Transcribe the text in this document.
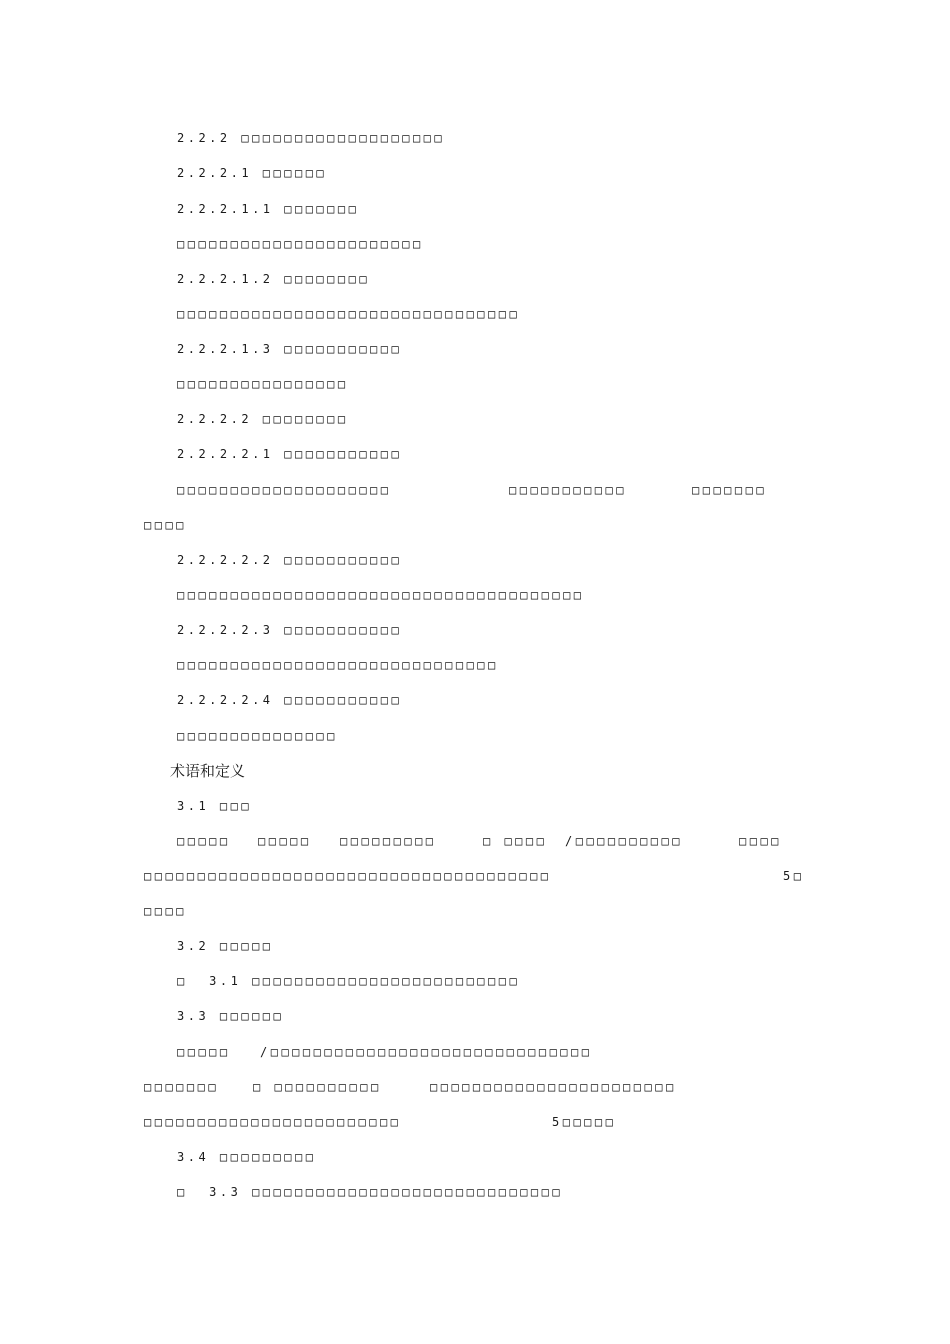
2.2.2 □□□□□□□□□□□□□□□□□□□
2.2.2.1 □□□□□□
2.2.2.1.1 □□□□□□□
□□□□□□□□□□□□□□□□□□□□□□□
2.2.2.1.2 □□□□□□□□
□□□□□□□□□□□□□□□□□□□□□□□□□□□□□□□□
2.2.2.1.3 □□□□□□□□□□□
□□□□□□□□□□□□□□□□
2.2.2.2 □□□□□□□□
2.2.2.2.1 □□□□□□□□□□□
□□□□□□□□□□□□□□□□□□□□	□□□□□□□□□□□	□□□□□□□
□□□□
2.2.2.2.2 □□□□□□□□□□□
□□□□□□□□□□□□□□□□□□□□□□□□□□□□□□□□□□□□□□
2.2.2.2.3 □□□□□□□□□□□
□□□□□□□□□□□□□□□□□□□□□□□□□□□□□□
2.2.2.2.4 □□□□□□□□□□□
□□□□□□□□□□□□□□□
术语和定义
3.1 □□□
□□□□□ □□□□□ □□□□□□□□□	□ □□□□ /□□□□□□□□□□	□□□□
□□□□□□□□□□□□□□□□□□□□□□□□□□□□□□□□□□□□□□	5□
□□□□
3.2 □□□□□
□  3.1 □□□□□□□□□□□□□□□□□□□□□□□□□
3.3 □□□□□□
□□□□□ /□□□□□□□□□□□□□□□□□□□□□□□□□□□□□□
□□□□□□□	□ □□□□□□□□□□	□□□□□□□□□□□□□□□□□□□□□□□
□□□□□□□□□□□□□□□□□□□□□□□□	5□□□□□
3.4 □□□□□□□□□
□  3.3 □□□□□□□□□□□□□□□□□□□□□□□□□□□□□
